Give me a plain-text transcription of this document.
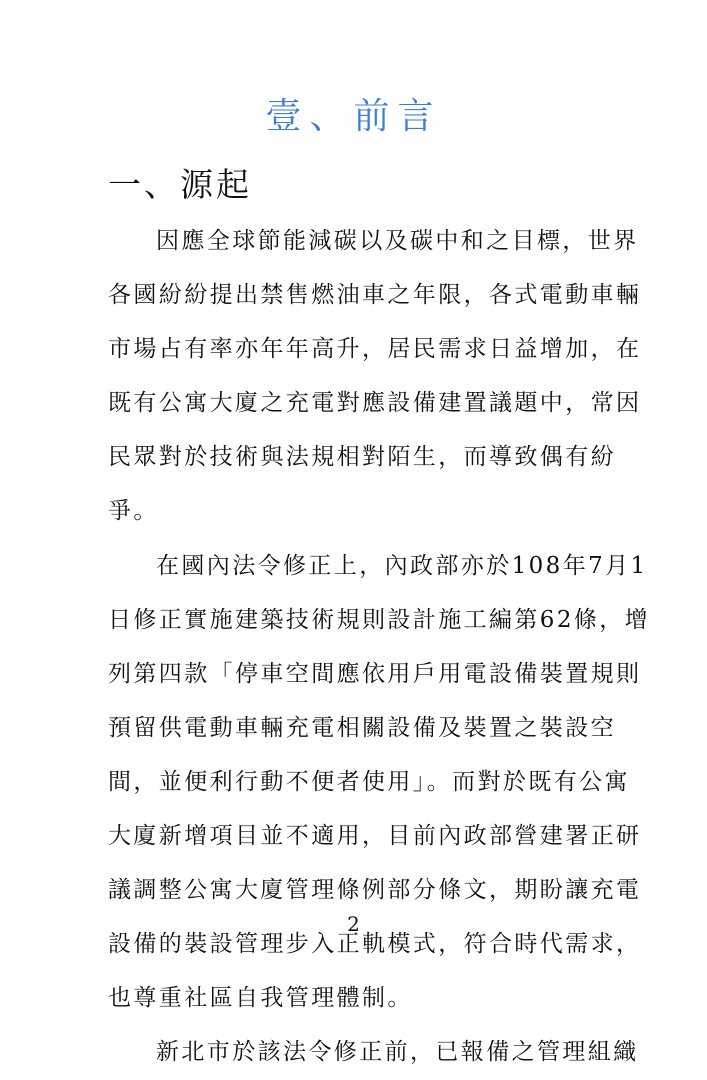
壹、前言
一、源起

因應全球節能減碳以及碳中和之目標，世界
各國紛紛提出禁售燃油車之年限，各式電動車輛
市場占有率亦年年高升，居民需求日益增加，在
既有公寓大廈之充電對應設備建置議題中，常因
民眾對於技術與法規相對陌生，而導致偶有紛
爭。

在國內法令修正上，內政部亦於108年7月1
日修正實施建築技術規則設計施工編第62條，增
列第四款「停車空間應依用戶用電設備裝置規則
預留供電動車輛充電相關設備及裝置之裝設空
間，並便利行動不便者使用」。而對於既有公寓
大廈新增項目並不適用，目前內政部營建署正研
議調整公寓大廈管理條例部分條文，期盼讓充電
設備的裝設管理步入正軌模式，符合時代需求，
也尊重社區自我管理體制。

新北市於該法令修正前，已報備之管理組織

2
